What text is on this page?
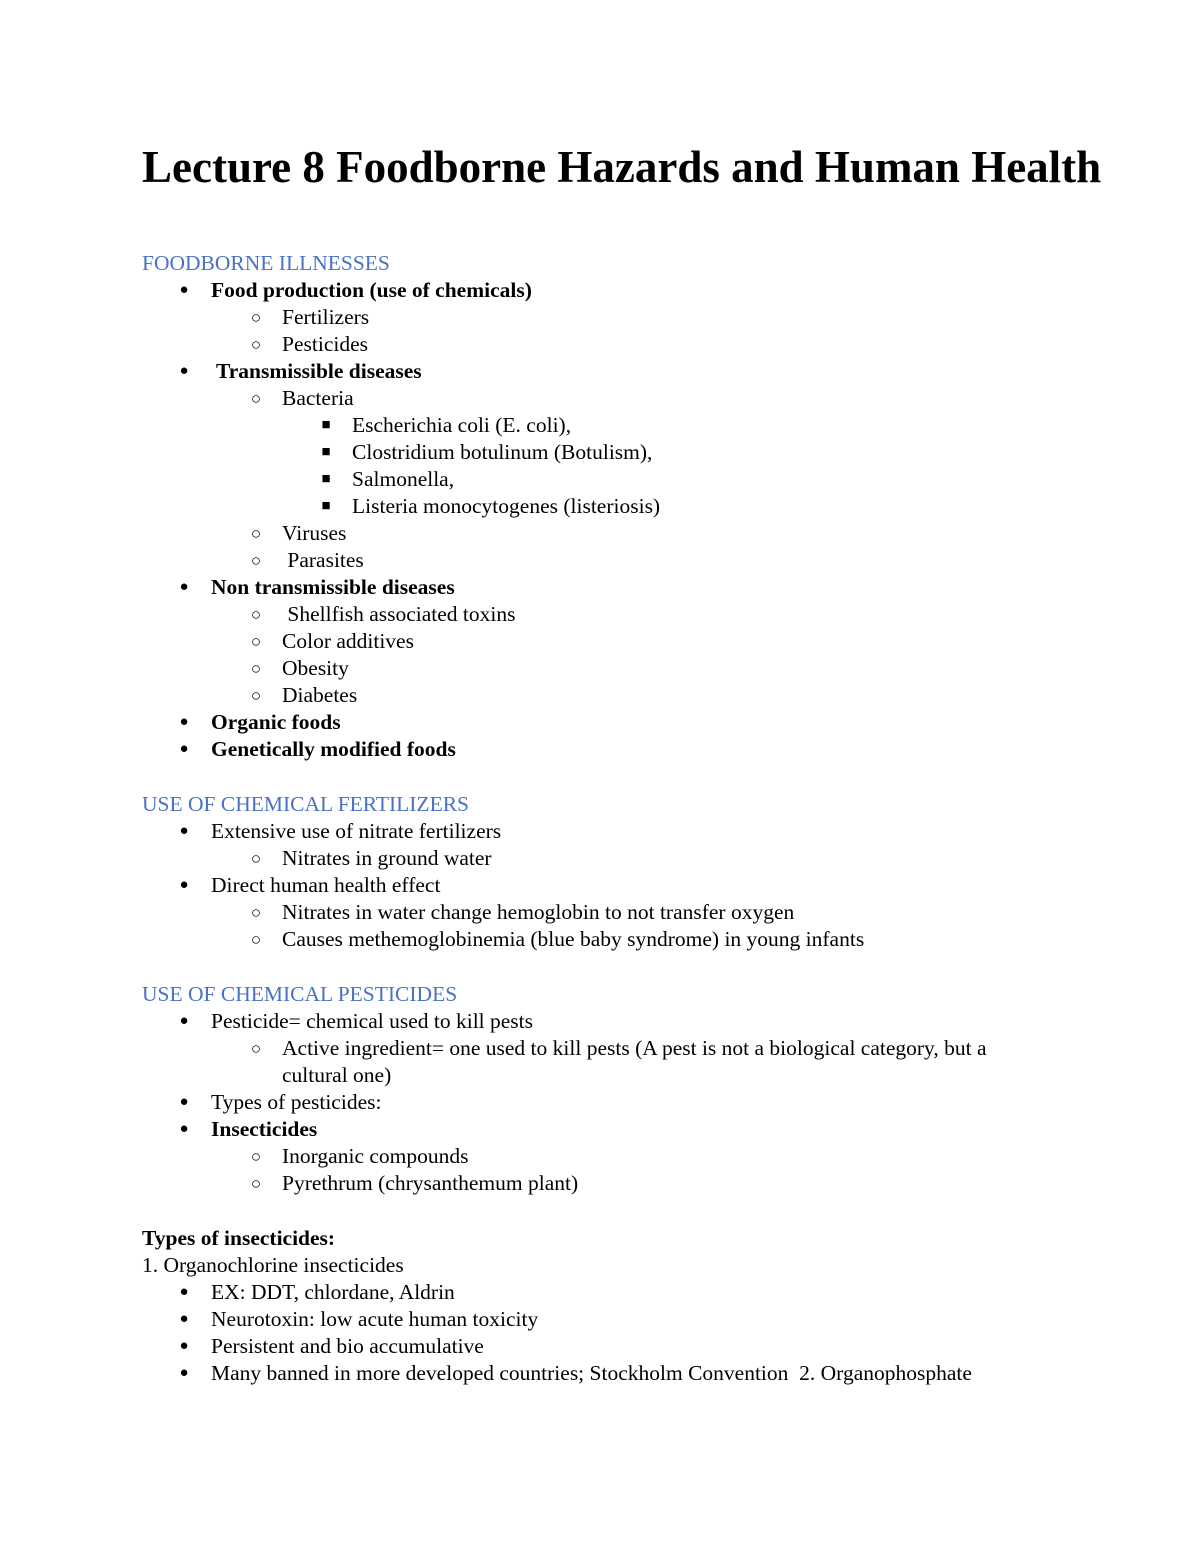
Lecture 8 Foodborne Hazards and Human Health
FOODBORNE ILLNESSES
● Food production (use of chemicals)
○ Fertilizers
○ Pesticides
● Transmissible diseases
○ Bacteria
■ Escherichia coli (E. coli),
■ Clostridium botulinum (Botulism),
■ Salmonella,
■ Listeria monocytogenes (listeriosis)
○ Viruses
○ Parasites
● Non transmissible diseases
○ Shellfish associated toxins
○ Color additives
○ Obesity
○ Diabetes
● Organic foods
● Genetically modified foods
USE OF CHEMICAL FERTILIZERS
● Extensive use of nitrate fertilizers
○ Nitrates in ground water
● Direct human health effect
○ Nitrates in water change hemoglobin to not transfer oxygen
○ Causes methemoglobinemia (blue baby syndrome) in young infants
USE OF CHEMICAL PESTICIDES
● Pesticide= chemical used to kill pests
○ Active ingredient= one used to kill pests (A pest is not a biological category, but a
cultural one)
● Types of pesticides:
● Insecticides
○ Inorganic compounds
○ Pyrethrum (chrysanthemum plant)
Types of insecticides:
1. Organochlorine insecticides
● EX: DDT, chlordane, Aldrin
● Neurotoxin: low acute human toxicity
● Persistent and bio accumulative
● Many banned in more developed countries; Stockholm Convention  2. Organophosphate
